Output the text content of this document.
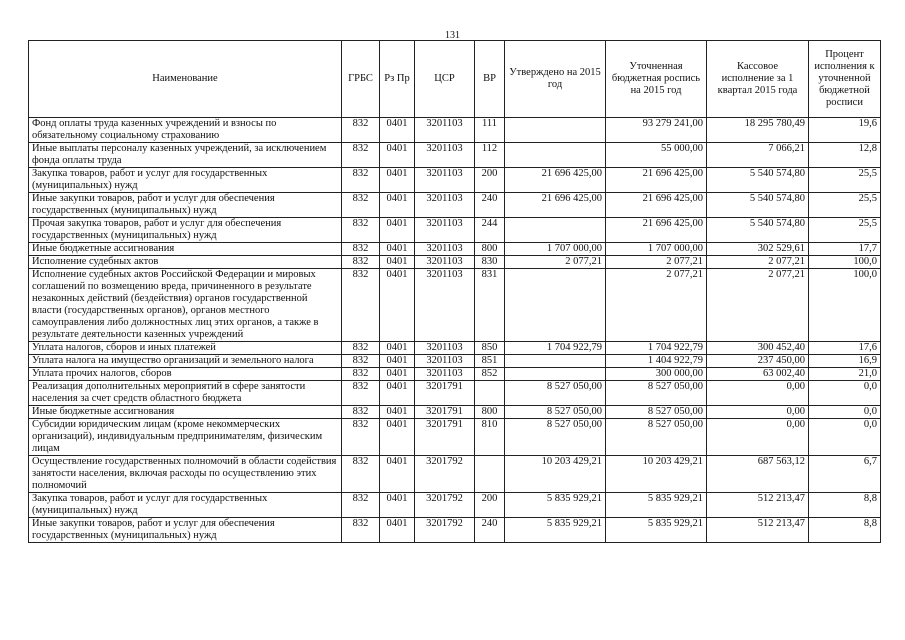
131
Наименование	ГРБС	Рз Пр	ЦСР	ВР	Утверждено на 2015 год	Уточненная бюджетная роспись на 2015 год	Кассовое исполнение за 1 квартал 2015 года	Процент исполнения к уточненной бюджетной росписи
Фонд оплаты труда казенных учреждений и взносы по обязательному социальному страхованию	832	0401	3201103	111		93 279 241,00	18 295 780,49	19,6
Иные выплаты персоналу казенных учреждений, за исключением фонда оплаты труда	832	0401	3201103	112		55 000,00	7 066,21	12,8
Закупка товаров, работ и услуг для государственных (муниципальных) нужд	832	0401	3201103	200	21 696 425,00	21 696 425,00	5 540 574,80	25,5
Иные закупки товаров, работ и услуг для обеспечения государственных (муниципальных) нужд	832	0401	3201103	240	21 696 425,00	21 696 425,00	5 540 574,80	25,5
Прочая закупка товаров, работ и услуг для обеспечения государственных (муниципальных) нужд	832	0401	3201103	244		21 696 425,00	5 540 574,80	25,5
Иные бюджетные ассигнования	832	0401	3201103	800	1 707 000,00	1 707 000,00	302 529,61	17,7
Исполнение судебных актов	832	0401	3201103	830	2 077,21	2 077,21	2 077,21	100,0
Исполнение судебных актов Российской Федерации и мировых соглашений по возмещению вреда, причиненного в результате незаконных действий (бездействия) органов государственной власти (государственных органов), органов местного самоуправления либо должностных лиц этих органов, а также в результате деятельности казенных учреждений	832	0401	3201103	831		2 077,21	2 077,21	100,0
Уплата налогов, сборов и иных платежей	832	0401	3201103	850	1 704 922,79	1 704 922,79	300 452,40	17,6
Уплата налога на имущество организаций и земельного налога	832	0401	3201103	851		1 404 922,79	237 450,00	16,9
Уплата прочих налогов, сборов	832	0401	3201103	852		300 000,00	63 002,40	21,0
Реализация дополнительных мероприятий в сфере занятости населения за счет средств областного бюджета	832	0401	3201791		8 527 050,00	8 527 050,00	0,00	0,0
Иные бюджетные ассигнования	832	0401	3201791	800	8 527 050,00	8 527 050,00	0,00	0,0
Субсидии юридическим лицам (кроме некоммерческих организаций), индивидуальным предпринимателям, физическим лицам	832	0401	3201791	810	8 527 050,00	8 527 050,00	0,00	0,0
Осуществление государственных полномочий в области содействия занятости населения, включая расходы по осуществлению этих полномочий	832	0401	3201792		10 203 429,21	10 203 429,21	687 563,12	6,7
Закупка товаров, работ и услуг для государственных (муниципальных) нужд	832	0401	3201792	200	5 835 929,21	5 835 929,21	512 213,47	8,8
Иные закупки товаров, работ и услуг для обеспечения государственных (муниципальных) нужд	832	0401	3201792	240	5 835 929,21	5 835 929,21	512 213,47	8,8
